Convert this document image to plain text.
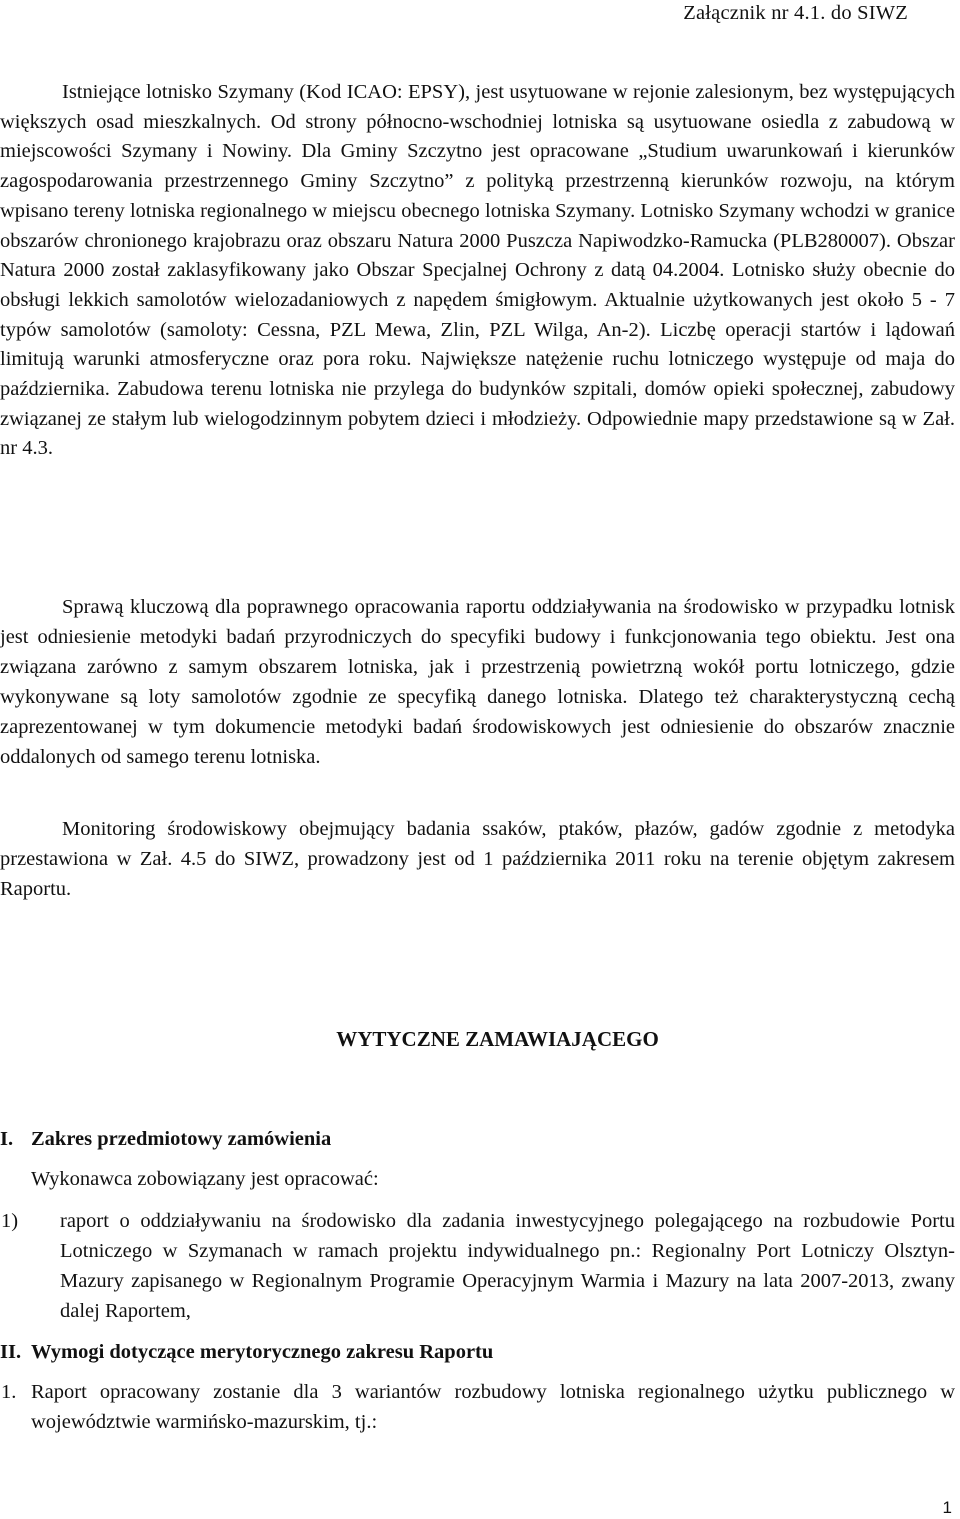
Załącznik nr 4.1. do SIWZ

Istniejące lotnisko Szymany (Kod ICAO: EPSY), jest usytuowane w rejonie zalesionym, bez występujących większych osad mieszkalnych. Od strony północno-wschodniej lotniska są usytuowane osiedla z zabudową w miejscowości Szymany i Nowiny. Dla Gminy Szczytno jest opracowane „Studium uwarunkowań i kierunków zagospodarowania przestrzennego Gminy Szczytno” z polityką przestrzenną kierunków rozwoju, na którym wpisano tereny lotniska regionalnego w miejscu obecnego lotniska Szymany. Lotnisko Szymany wchodzi w granice obszarów chronionego krajobrazu oraz obszaru Natura 2000 Puszcza Napiwodzko-Ramucka (PLB280007). Obszar Natura 2000 został zaklasyfikowany jako Obszar Specjalnej Ochrony z datą 04.2004. Lotnisko służy obecnie do obsługi lekkich samolotów wielozadaniowych z napędem śmigłowym. Aktualnie użytkowanych jest około 5 - 7 typów samolotów (samoloty: Cessna, PZL Mewa, Zlin, PZL Wilga, An-2). Liczbę operacji startów i lądowań limitują warunki atmosferyczne oraz pora roku. Największe natężenie ruchu lotniczego występuje od maja do października. Zabudowa terenu lotniska nie przylega do budynków szpitali, domów opieki społecznej, zabudowy związanej ze stałym lub wielogodzinnym pobytem dzieci i młodzieży. Odpowiednie mapy przedstawione są w Zał. nr 4.3.

Sprawą kluczową dla poprawnego opracowania raportu oddziaływania na środowisko w przypadku lotnisk jest odniesienie metodyki badań przyrodniczych do specyfiki budowy i funkcjonowania tego obiektu. Jest ona związana zarówno z samym obszarem lotniska, jak i przestrzenią powietrzną wokół portu lotniczego, gdzie wykonywane są loty samolotów zgodnie ze specyfiką danego lotniska. Dlatego też charakterystyczną cechą zaprezentowanej w tym dokumencie metodyki badań środowiskowych jest odniesienie do obszarów znacznie oddalonych od samego terenu lotniska.

Monitoring środowiskowy obejmujący badania ssaków, ptaków, płazów, gadów zgodnie z metodyka przestawiona w Zał. 4.5 do SIWZ, prowadzony jest od 1 października 2011 roku na terenie objętym zakresem Raportu.

WYTYCZNE ZAMAWIAJĄCEGO
I. Zakres przedmiotowy zamówienia

Wykonawca zobowiązany jest opracować:

1)	raport o oddziaływaniu na środowisko dla zadania inwestycyjnego polegającego na rozbudowie Portu Lotniczego w Szymanach w ramach projektu indywidualnego pn.: Regionalny Port Lotniczy Olsztyn-Mazury zapisanego w Regionalnym Programie Operacyjnym Warmia i Mazury na lata 2007-2013, zwany dalej Raportem,
II. Wymogi dotyczące merytorycznego zakresu Raportu
1. Raport opracowany zostanie dla 3 wariantów rozbudowy lotniska regionalnego użytku publicznego w województwie warmińsko-mazurskim, tj.:
1
